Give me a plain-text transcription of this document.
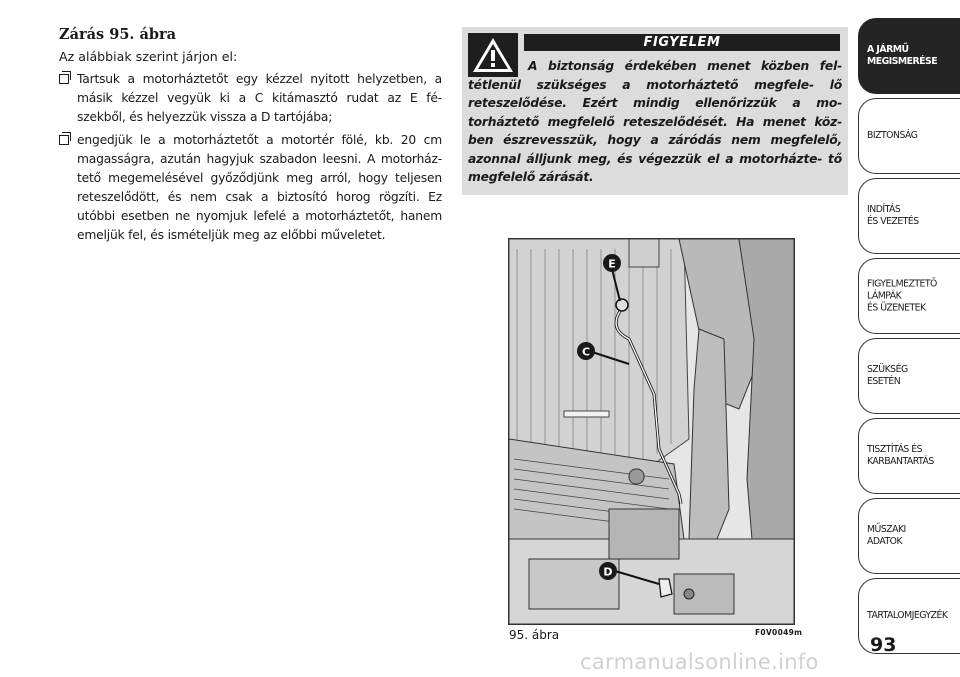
Zárás 95. ábra
Az alábbiak szerint járjon el:
Tartsuk a motorháztetőt egy kézzel nyitott helyzetben, a másik kézzel vegyük ki a C kitámasztó rudat az E fé- szekből, és helyezzük vissza a D tartójába;
engedjük le a motorháztetőt a motortér fölé, kb. 20 cm magasságra, azután hagyjuk szabadon leesni. A motorház- tető megemelésével győződjünk meg arról, hogy teljesen reteszelődött, és nem csak a biztosító horog rögzíti. Ez utóbbi esetben ne nyomjuk lefelé a motorháztetőt, hanem emeljük fel, és ismételjük meg az előbbi műveletet.
FIGYELEM
A biztonság érdekében menet közben fel- tétlenül szükséges a motorháztető megfele- lő reteszelődése. Ezért mindig ellenőrizzük a mo- torháztető megfelelő reteszelődését. Ha menet köz- ben észrevesszük, hogy a záródás nem megfelelő, azonnal álljunk meg, és végezzük el a motorházte- tő megfelelő zárását.
E
C
D
95. ábra	F0V0049m
A JÁRMŰ
MEGISMERÉSE
BIZTONSÁG
INDÍTÁS
ÉS VEZETÉS
FIGYELMEZTETŐ
LÁMPÁK
ÉS ÜZENETEK
SZÜKSÉG
ESETÉN
TISZTÍTÁS ÉS
KARBANTARTÁS
MŰSZAKI
ADATOK
TARTALOMJEGYZÉK
93
carmanualsonline.info
